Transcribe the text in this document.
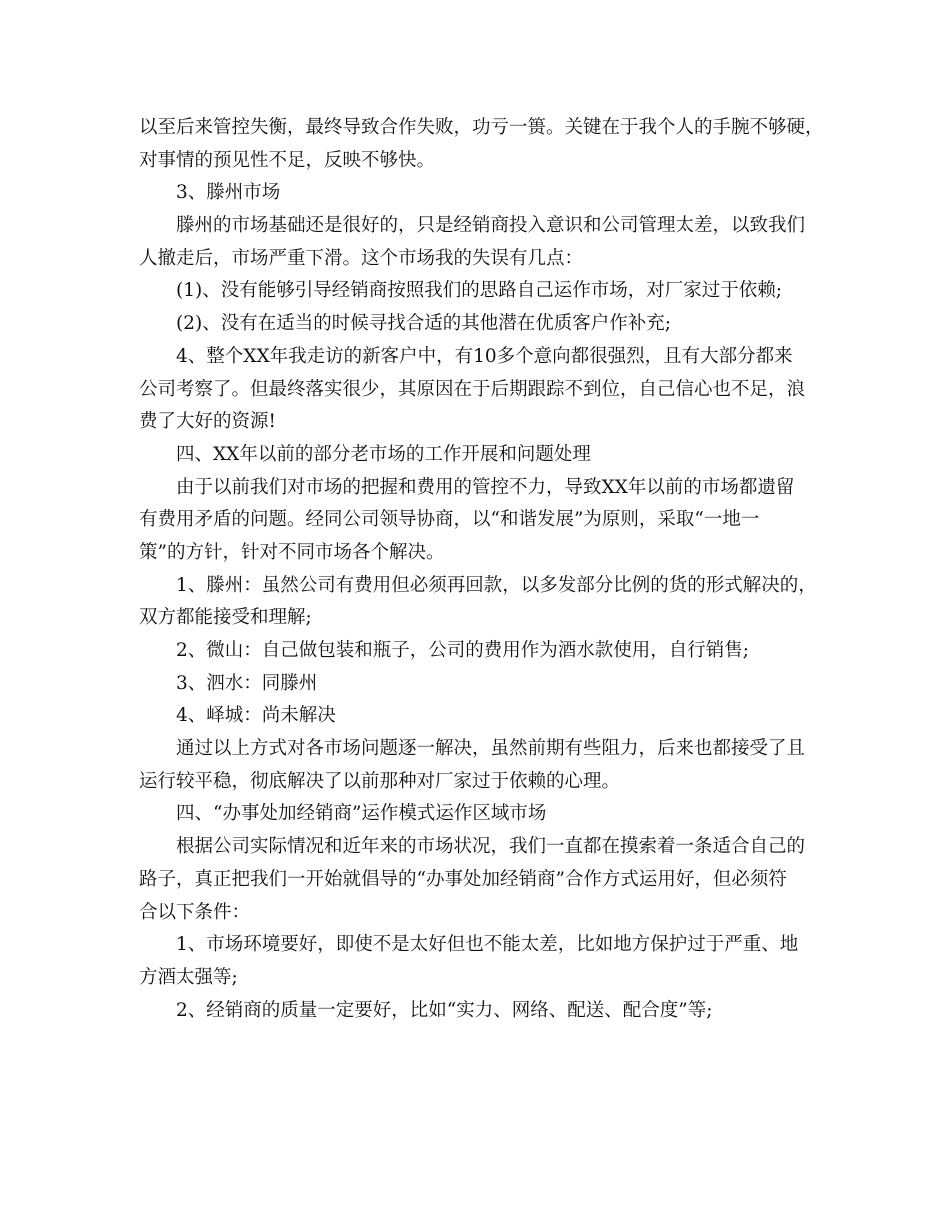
以至后来管控失衡，最终导致合作失败，功亏一篑。关键在于我个人的手腕不够硬，
对事情的预见性不足，反映不够快。
3、滕州市场
滕州的市场基础还是很好的，只是经销商投入意识和公司管理太差，以致我们
人撤走后，市场严重下滑。这个市场我的失误有几点：
(1)、没有能够引导经销商按照我们的思路自己运作市场，对厂家过于依赖;
(2)、没有在适当的时候寻找合适的其他潜在优质客户作补充;
4、整个XX年我走访的新客户中，有10多个意向都很强烈，且有大部分都来
公司考察了。但最终落实很少，其原因在于后期跟踪不到位，自己信心也不足，浪
费了大好的资源!
四、XX年以前的部分老市场的工作开展和问题处理
由于以前我们对市场的把握和费用的管控不力，导致XX年以前的市场都遗留
有费用矛盾的问题。经同公司领导协商，以“和谐发展”为原则，采取“一地一
策”的方针，针对不同市场各个解决。
1、滕州：虽然公司有费用但必须再回款，以多发部分比例的货的形式解决的，
双方都能接受和理解;
2、微山：自己做包装和瓶子，公司的费用作为酒水款使用，自行销售;
3、泗水：同滕州
4、峄城：尚未解决
通过以上方式对各市场问题逐一解决，虽然前期有些阻力，后来也都接受了且
运行较平稳，彻底解决了以前那种对厂家过于依赖的心理。
四、“办事处加经销商”运作模式运作区域市场
根据公司实际情况和近年来的市场状况，我们一直都在摸索着一条适合自己的
路子，真正把我们一开始就倡导的“办事处加经销商”合作方式运用好，但必须符
合以下条件：
1、市场环境要好，即使不是太好但也不能太差，比如地方保护过于严重、地
方酒太强等;
2、经销商的质量一定要好，比如“实力、网络、配送、配合度”等;
